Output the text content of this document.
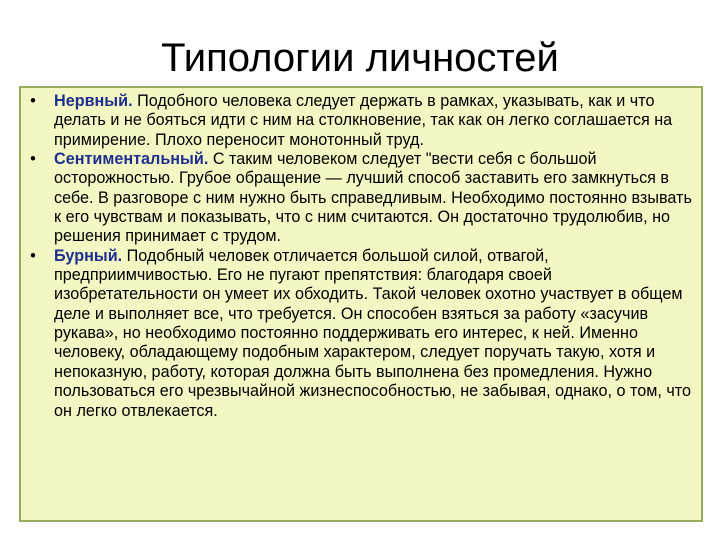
Типологии личностей
• Нервный. Подобного человека следует держать в рамках, указывать, как и что делать и не бояться идти с ним на столкновение, так как он легко соглашается на примирение. Плохо переносит монотонный труд.
• Сентиментальный. С таким человеком следует "вести себя с большой осторожностью. Грубое обращение — лучший способ заставить его замкнуться в себе. В разговоре с ним нужно быть справедливым. Необходимо постоянно взывать к его чувствам и показывать, что с ним считаются. Он достаточно трудолюбив, но решения принимает с трудом.
• Бурный. Подобный человек отличается большой силой, отвагой, предприимчивостью. Его не пугают препятствия: благодаря своей изобретательности он умеет их обходить. Такой человек охотно участвует в общем деле и выполняет все, что требуется. Он способен взяться за работу «засучив рукава», но необходимо постоянно поддерживать его интерес, к ней. Именно человеку, обладающему подобным характером, следует поручать такую, хотя и непоказную, работу, которая должна быть выполнена без промедления. Нужно пользоваться его чрезвычайной жизнеспособностью, не забывая, однако, о том, что он легко отвлекается.
